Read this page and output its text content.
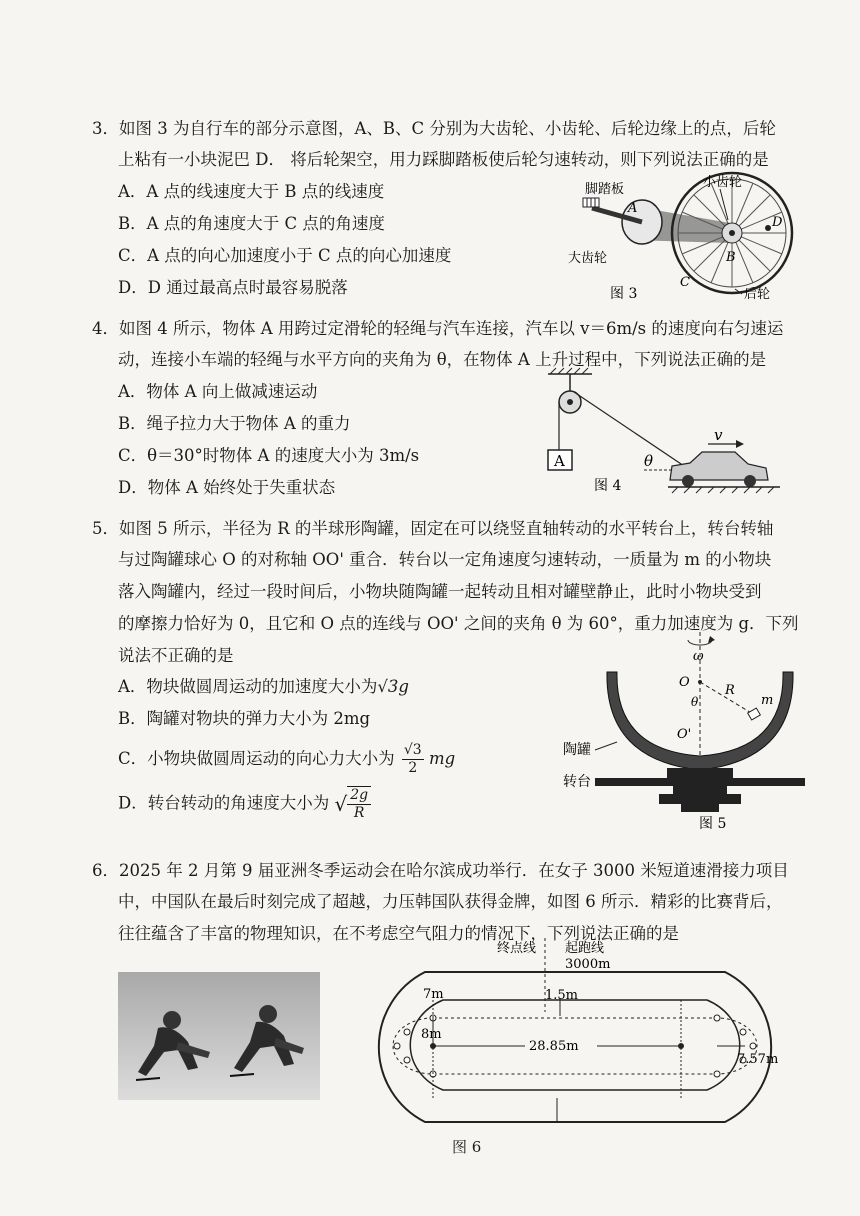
3．如图 3 为自行车的部分示意图，A、B、C 分别为大齿轮、小齿轮、后轮边缘上的点，后轮
上粘有一小块泥巴 D． 将后轮架空，用力踩脚踏板使后轮匀速转动，则下列说法正确的是
A．A 点的线速度大于 B 点的线速度
B．A 点的角速度大于 C 点的角速度
C．A 点的向心加速度小于 C 点的向心加速度
D．D 通过最高点时最容易脱落
脚踏板	小齿轮
大齿轮
A
B
C
D
后轮
图 3
4．如图 4 所示，物体 A 用跨过定滑轮的轻绳与汽车连接，汽车以 v＝6m/s 的速度向右匀速运
动，连接小车端的轻绳与水平方向的夹角为 θ，在物体 A 上升过程中，下列说法正确的是
A．物体 A 向上做减速运动
B．绳子拉力大于物体 A 的重力
C．θ＝30°时物体 A 的速度大小为 3m/s
D．物体 A 始终处于失重状态
A	θ
v
图 4
5．如图 5 所示，半径为 R 的半球形陶罐，固定在可以绕竖直轴转动的水平转台上，转台转轴
与过陶罐球心 O 的对称轴 OO' 重合．转台以一定角速度匀速转动，一质量为 m 的小物块
落入陶罐内，经过一段时间后，小物块随陶罐一起转动且相对罐壁静止，此时小物块受到
的摩擦力恰好为 0，且它和 O 点的连线与 OO' 之间的夹角 θ 为 60°，重力加速度为 g．下列
说法不正确的是
A．物块做圆周运动的加速度大小为√3g
B．陶罐对物块的弹力大小为 2mg
C．小物块做圆周运动的向心力大小为 $\frac{√3}{2}$ mg
D．转台转动的角速度大小为 √ $\frac{2g}{R}$
ω
O
θ
R
m
O'
陶罐
转台
图 5
6．2025 年 2 月第 9 届亚洲冬季运动会在哈尔滨成功举行．在女子 3000 米短道速滑接力项目
中，中国队在最后时刻完成了超越，力压韩国队获得金牌，如图 6 所示．精彩的比赛背后，
往往蕴含了丰富的物理知识，在不考虑空气阻力的情况下，下列说法正确的是
28.85m
8m
7m	1.5m
终点线 起跑线
3000m
7.57m
图 6
